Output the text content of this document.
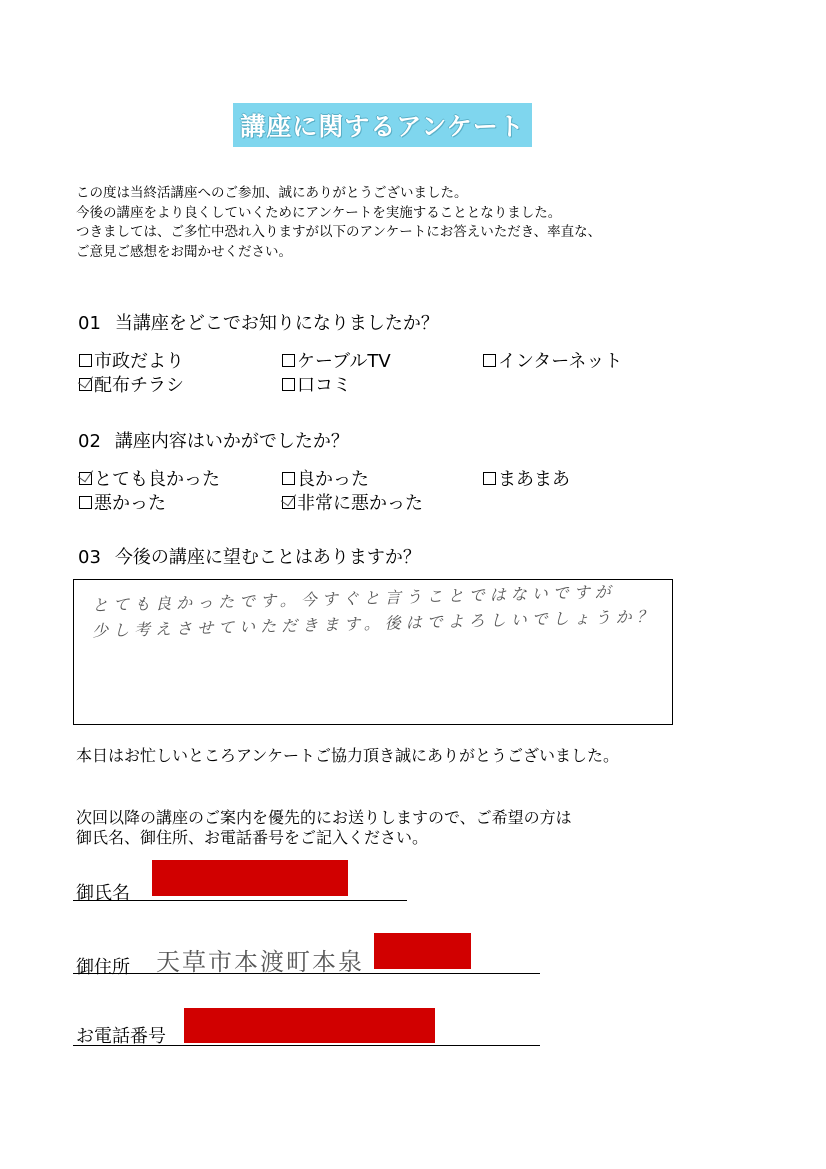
講座に関するアンケート
この度は当終活講座へのご参加、誠にありがとうございました。
今後の講座をより良くしていくためにアンケートを実施することとなりました。
つきましては、ご多忙中恐れ入りますが以下のアンケートにお答えいただき、率直な、
ご意見ご感想をお聞かせください。
01 当講座をどこでお知りになりましたか？
市政だより	ケーブルTV	インターネット
配布チラシ	口コミ
02 講座内容はいかがでしたか？
とても良かった	良かった	まあまあ
悪かった	非常に悪かった
03 今後の講座に望むことはありますか？
とても良かったです。今すぐと言うことではないですが
少し考えさせていただきます。後はでよろしいでしょうか？
本日はお忙しいところアンケートご協力頂き誠にありがとうございました。
次回以降の講座のご案内を優先的にお送りしますので、ご希望の方は
御氏名、御住所、お電話番号をご記入ください。
御氏名
御住所 天草市本渡町本泉
お電話番号
